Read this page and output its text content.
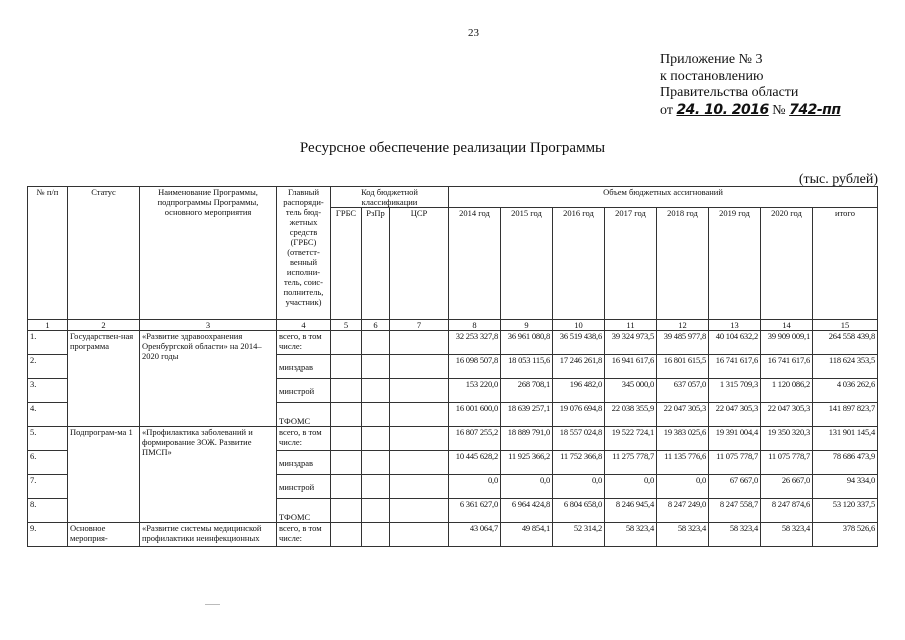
23
Приложение № 3
к постановлению
Правительства области
от 24. 10. 2016 № 742-пп
Ресурсное обеспечение реализации Программы
(тыс. рублей)
№ п/п	Статус	Наименование Программы, подпрограммы Программы, основного мероприятия	Главный распоряди-тель бюд-жетных средств (ГРБС) (ответст-венный исполни-тель, соис-полнитель, участник)	Код бюджетной классификации			Объем бюджетных ассигнований							
				ГРБС	РзПр	ЦСР	2014 год	2015 год	2016 год	2017 год	2018 год	2019 год	2020 год	итого
1	2	3	4	5	6	7	8	9	10	11	12	13	14	15
1.	Государствен-ная программа	«Развитие здравоохранения Оренбургской области» на 2014–2020 годы	всего, в том числе:				32 253 327,8	36 961 080,8	36 519 438,6	39 324 973,5	39 485 977,8	40 104 632,2	39 909 009,1	264 558 439,8
2.			минздрав				16 098 507,8	18 053 115,6	17 246 261,8	16 941 617,6	16 801 615,5	16 741 617,6	16 741 617,6	118 624 353,5
3.			минстрой				153 220,0	268 708,1	196 482,0	345 000,0	637 057,0	1 315 709,3	1 120 086,2	4 036 262,6
4.			ТФОМС				16 001 600,0	18 639 257,1	19 076 694,8	22 038 355,9	22 047 305,3	22 047 305,3	22 047 305,3	141 897 823,7
5.	Подпрограм-ма 1	«Профилактика заболеваний и формирование ЗОЖ. Развитие ПМСП»	всего, в том числе:				16 807 255,2	18 889 791,0	18 557 024,8	19 522 724,1	19 383 025,6	19 391 004,4	19 350 320,3	131 901 145,4
6.			минздрав				10 445 628,2	11 925 366,2	11 752 366,8	11 275 778,7	11 135 776,6	11 075 778,7	11 075 778,7	78 686 473,9
7.			минстрой				0,0	0,0	0,0	0,0	0,0	67 667,0	26 667,0	94 334,0
8.			ТФОМС				6 361 627,0	6 964 424,8	6 804 658,0	8 246 945,4	8 247 249,0	8 247 558,7	8 247 874,6	53 120 337,5
9.	Основное мероприя-	«Развитие системы медицинской профилактики неинфекционных	всего, в том числе:				43 064,7	49 854,1	52 314,2	58 323,4	58 323,4	58 323,4	58 323,4	378 526,6
